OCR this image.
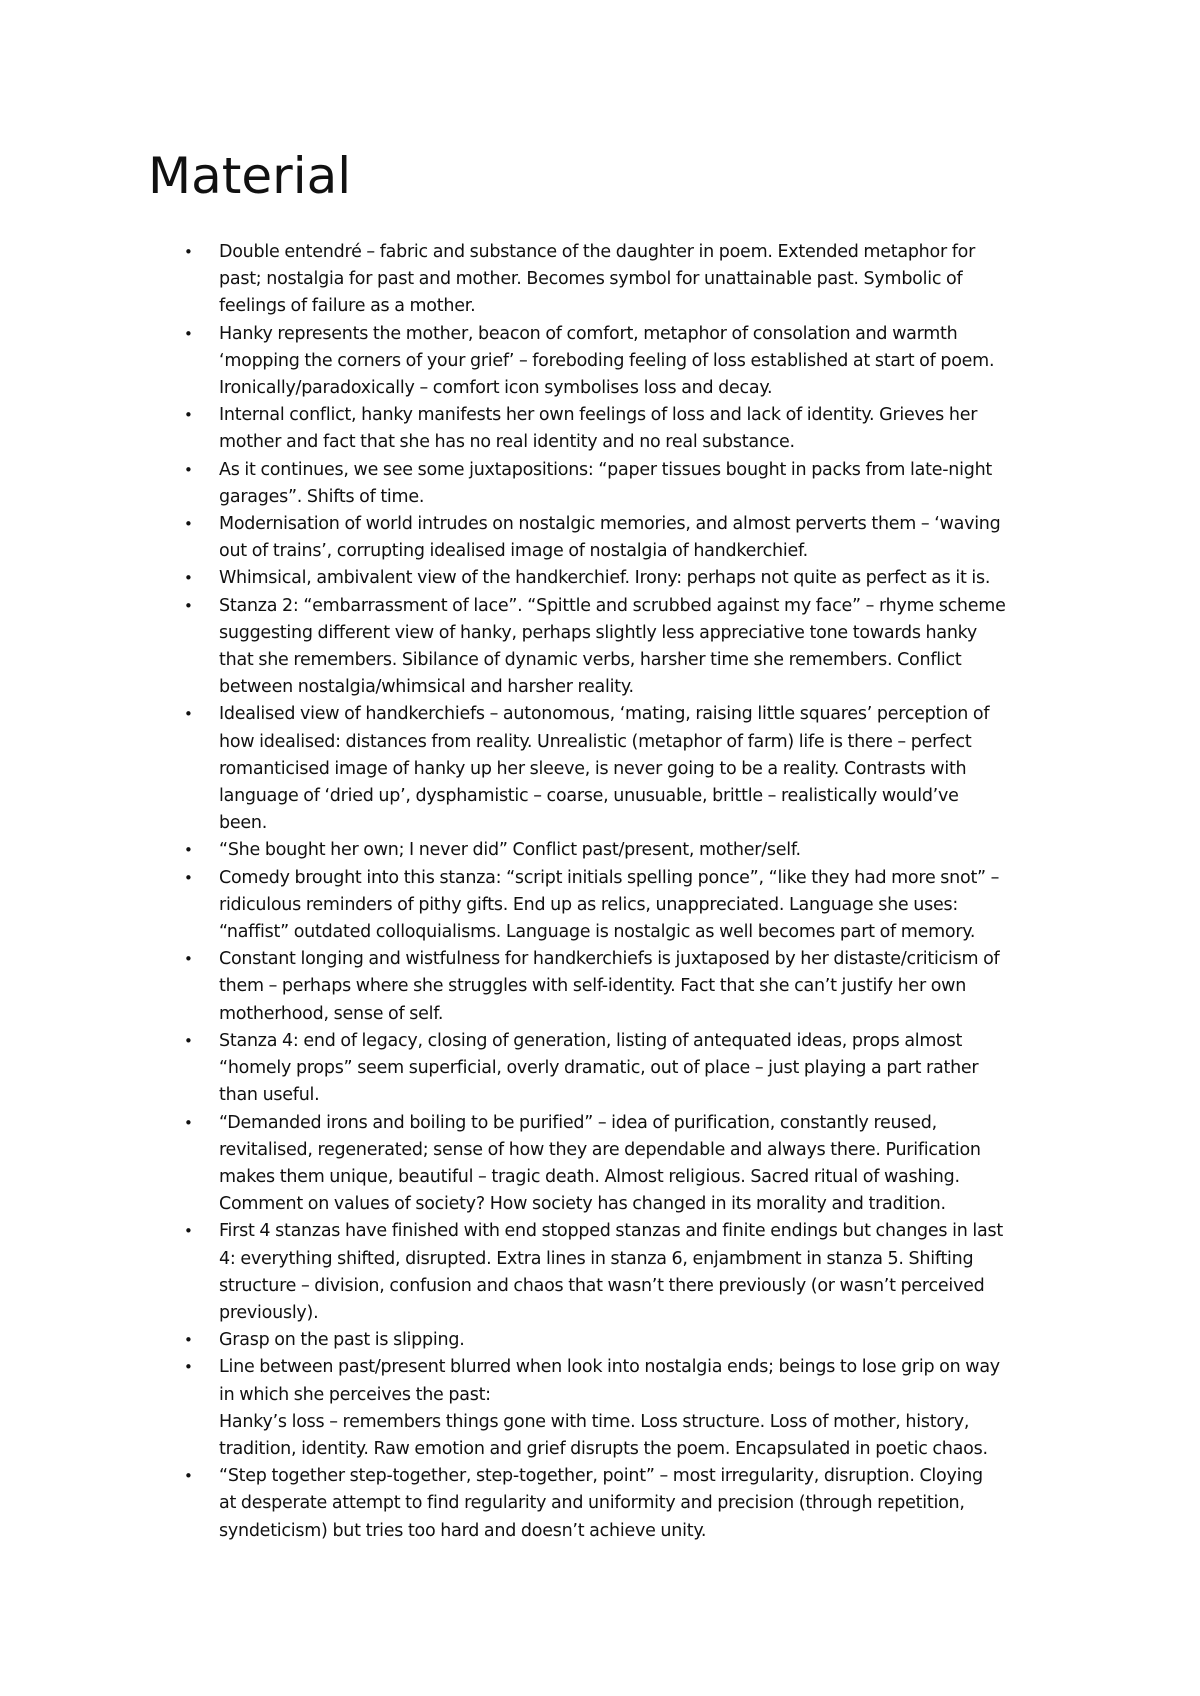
Material
•	Double entendré – fabric and substance of the daughter in poem. Extended metaphor for
past; nostalgia for past and mother. Becomes symbol for unattainable past. Symbolic of
feelings of failure as a mother.
•	Hanky represents the mother, beacon of comfort, metaphor of consolation and warmth
‘mopping the corners of your grief’ – foreboding feeling of loss established at start of poem.
Ironically/paradoxically – comfort icon symbolises loss and decay.
•	Internal conflict, hanky manifests her own feelings of loss and lack of identity. Grieves her
mother and fact that she has no real identity and no real substance.
•	As it continues, we see some juxtapositions: “paper tissues bought in packs from late-night
garages”. Shifts of time.
•	Modernisation of world intrudes on nostalgic memories, and almost perverts them – ‘waving
out of trains’, corrupting idealised image of nostalgia of handkerchief.
•	Whimsical, ambivalent view of the handkerchief. Irony: perhaps not quite as perfect as it is.
•	Stanza 2: “embarrassment of lace”. “Spittle and scrubbed against my face” – rhyme scheme
suggesting different view of hanky, perhaps slightly less appreciative tone towards hanky
that she remembers. Sibilance of dynamic verbs, harsher time she remembers. Conflict
between nostalgia/whimsical and harsher reality.
•	Idealised view of handkerchiefs – autonomous, ‘mating, raising little squares’ perception of
how idealised: distances from reality. Unrealistic (metaphor of farm) life is there – perfect
romanticised image of hanky up her sleeve, is never going to be a reality. Contrasts with
language of ‘dried up’, dysphamistic – coarse, unusuable, brittle – realistically would’ve
been.
•	“She bought her own; I never did” Conflict past/present, mother/self.
•	Comedy brought into this stanza: “script initials spelling ponce”, “like they had more snot” –
ridiculous reminders of pithy gifts. End up as relics, unappreciated. Language she uses:
“naffist” outdated colloquialisms. Language is nostalgic as well becomes part of memory.
•	Constant longing and wistfulness for handkerchiefs is juxtaposed by her distaste/criticism of
them – perhaps where she struggles with self-identity. Fact that she can’t justify her own
motherhood, sense of self.
•	Stanza 4: end of legacy, closing of generation, listing of antequated ideas, props almost
“homely props” seem superficial, overly dramatic, out of place – just playing a part rather
than useful.
•	“Demanded irons and boiling to be purified” – idea of purification, constantly reused,
revitalised, regenerated; sense of how they are dependable and always there. Purification
makes them unique, beautiful – tragic death. Almost religious. Sacred ritual of washing.
Comment on values of society? How society has changed in its morality and tradition.
•	First 4 stanzas have finished with end stopped stanzas and finite endings but changes in last
4: everything shifted, disrupted. Extra lines in stanza 6, enjambment in stanza 5. Shifting
structure – division, confusion and chaos that wasn’t there previously (or wasn’t perceived
previously).
•	Grasp on the past is slipping.
•	Line between past/present blurred when look into nostalgia ends; beings to lose grip on way
in which she perceives the past:
Hanky’s loss – remembers things gone with time. Loss structure. Loss of mother, history,
tradition, identity. Raw emotion and grief disrupts the poem. Encapsulated in poetic chaos.
•	“Step together step-together, step-together, point” – most irregularity, disruption. Cloying
at desperate attempt to find regularity and uniformity and precision (through repetition,
syndeticism) but tries too hard and doesn’t achieve unity.
